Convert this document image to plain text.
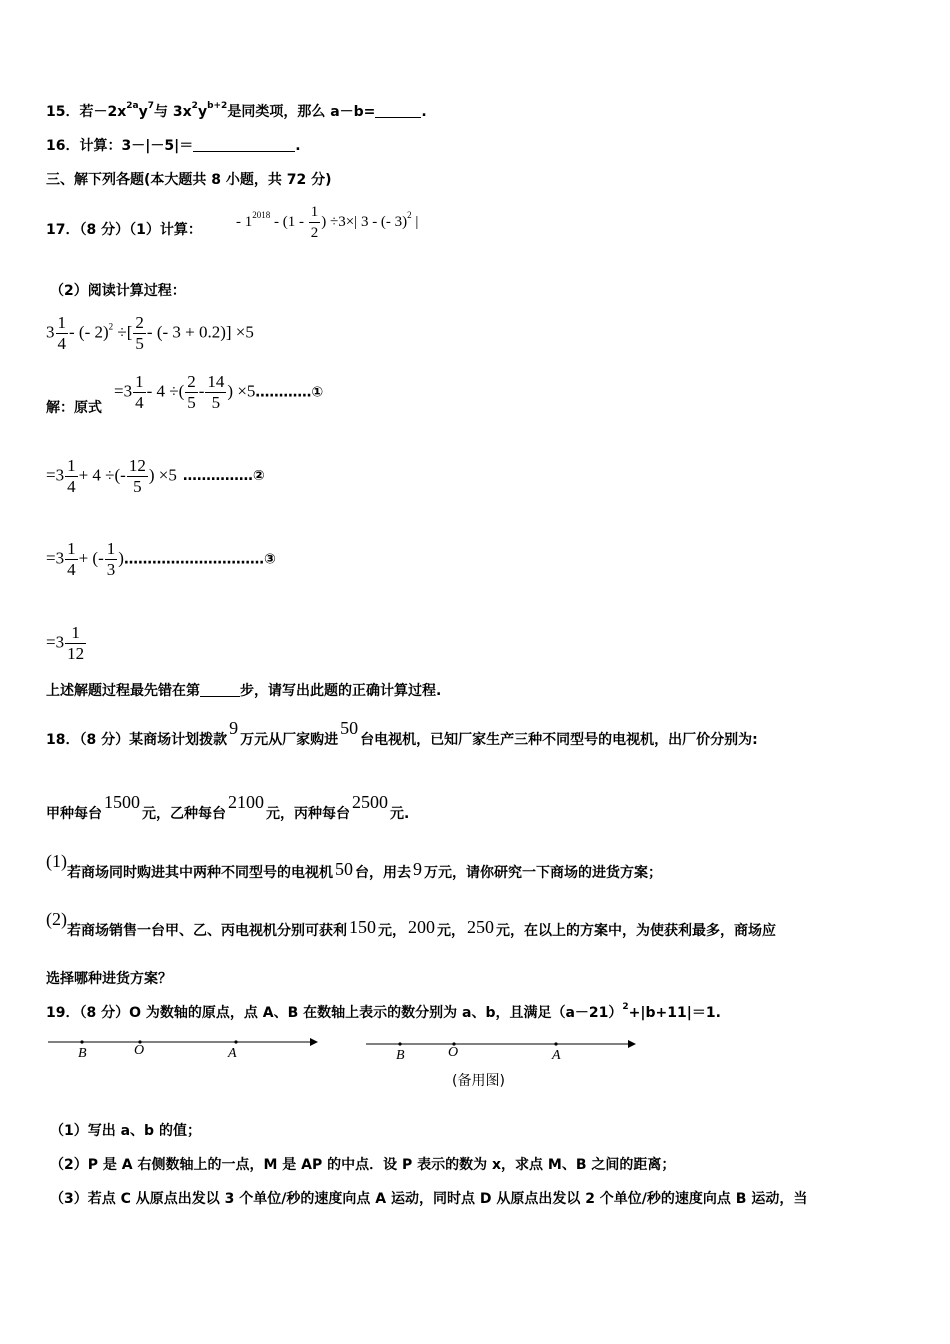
15．若$-2x^{2a}y^7$与 $3x^2y^{b+2}$是同类项，那么 a－b=	.
16．计算：3－|－5|＝	.
三、解下列各题(本大题共 8 小题，共 72 分)
17．（8 分）（1）计算：
- $1^{2018} - (1 - \frac{1}{2}$ ) ÷3×| 3 - (- 3)$^2$ |
（2）阅读计算过程：
$3 \frac{1}{4}$ - (- 2)$^2$ ÷[ $\frac{2}{5}$ - (- 3 + 0.2)] ×5
解：原式
$=3 \frac{1}{4} - 4$ ÷( $\frac{2}{5} - \frac{14}{5}$ ) ×5…………①
$=3 \frac{1}{4} + 4$ ÷(- $\frac{12}{5}$ ) ×5 ……………②
$=3 \frac{1}{4}$ + (- $\frac{1}{3}$ )…………………………③
$=3 \frac{1}{12}$
上述解题过程最先错在第	步，请写出此题的正确计算过程.
18．（8 分）某商场计划拨款9万元从厂家购进50台电视机，已知厂家生产三种不同型号的电视机，出厂价分别为:
甲种每台1500元，乙种每台2100元，丙种每台2500元.
(1)若商场同时购进其中两种不同型号的电视机 50 台，用去 9 万元，请你研究一下商场的进货方案；
(2)若商场销售一台甲、乙、丙电视机分别可获利 150 元， 200 元， 250 元，在以上的方案中，为使获利最多，商场应
选择哪种进货方案？
19．（8 分）O 为数轴的原点，点 A、B 在数轴上表示的数分别为 a、b，且满足$(a-21)^2+|b+11|=1$.
B	O	A	B	O	A
(备用图)
（1）写出 a、b 的值；
（2）P 是 A 右侧数轴上的一点，M 是 AP 的中点．设 P 表示的数为 x，求点 M、B 之间的距离；
（3）若点 C 从原点出发以 3 个单位/秒的速度向点 A 运动，同时点 D 从原点出发以 2 个单位/秒的速度向点 B 运动，当
